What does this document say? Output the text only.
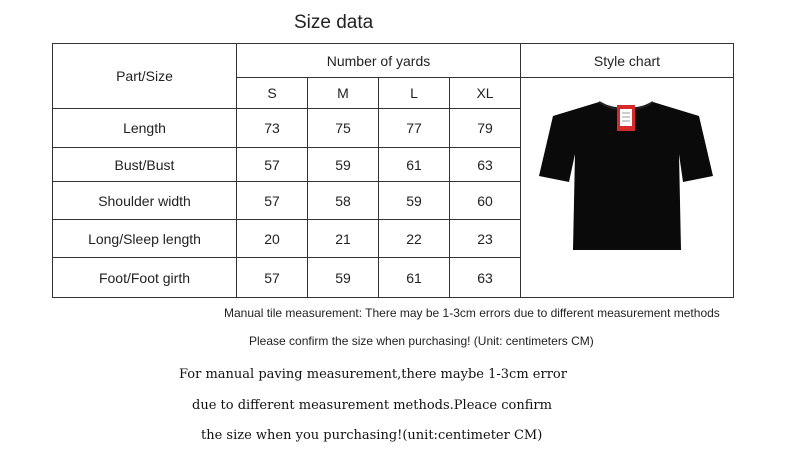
Size data
Part/Size	Number of yards				Style chart
	S	M	L	XL	

Length	73	75	77	79	
Bust/Bust	57	59	61	63	
Shoulder width	57	58	59	60	
Long/Sleep length	20	21	22	23	
Foot/Foot girth	57	59	61	63	
Manual tile measurement: There may be 1-3cm errors due to different measurement methods
Please confirm the size when purchasing! (Unit: centimeters CM)
For manual paving measurement,there maybe 1-3cm error
due to different measurement methods.Pleace confirm
the size when you purchasing!(unit:centimeter CM)
